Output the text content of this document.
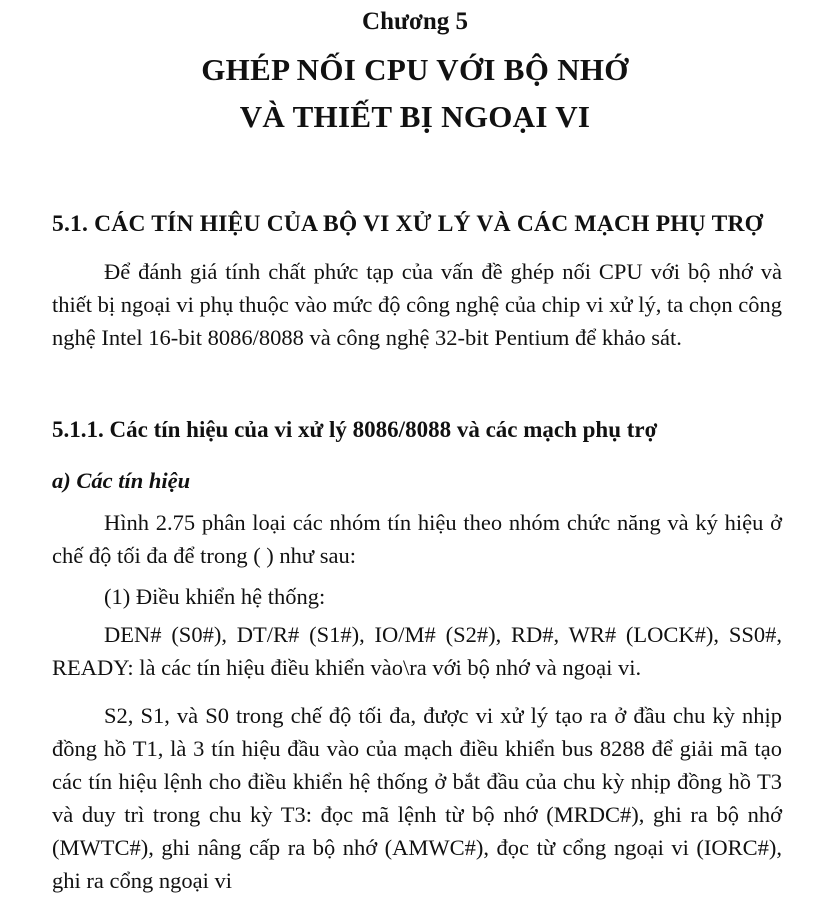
Chương 5
GHÉP NỐI CPU VỚI BỘ NHỚ
VÀ THIẾT BỊ NGOẠI VI
5.1. CÁC TÍN HIỆU CỦA BỘ VI XỬ LÝ VÀ CÁC MẠCH PHỤ TRỢ
Để đánh giá tính chất phức tạp của vấn đề ghép nối CPU với bộ nhớ và thiết bị ngoại vi phụ thuộc vào mức độ công nghệ của chip vi xử lý, ta chọn công nghệ Intel 16-bit 8086/8088 và công nghệ 32-bit Pentium để khảo sát.
5.1.1. Các tín hiệu của vi xử lý 8086/8088 và các mạch phụ trợ
a) Các tín hiệu
Hình 2.75 phân loại các nhóm tín hiệu theo nhóm chức năng và ký hiệu ở chế độ tối đa để trong ( ) như sau:
(1) Điều khiển hệ thống:
DEN# (S0#), DT/R# (S1#), IO/M# (S2#), RD#, WR# (LOCK#), SS0#, READY: là các tín hiệu điều khiển vào\ra với bộ nhớ và ngoại vi.
S2, S1, và S0 trong chế độ tối đa, được vi xử lý tạo ra ở đầu chu kỳ nhịp đồng hồ T1, là 3 tín hiệu đầu vào của mạch điều khiển bus 8288 để giải mã tạo các tín hiệu lệnh cho điều khiển hệ thống ở bắt đầu của chu kỳ nhịp đồng hồ T3 và duy trì trong chu kỳ T3: đọc mã lệnh từ bộ nhớ (MRDC#), ghi ra bộ nhớ (MWTC#), ghi nâng cấp ra bộ nhớ (AMWC#), đọc từ cổng ngoại vi (IORC#), ghi ra cổng ngoại vi
